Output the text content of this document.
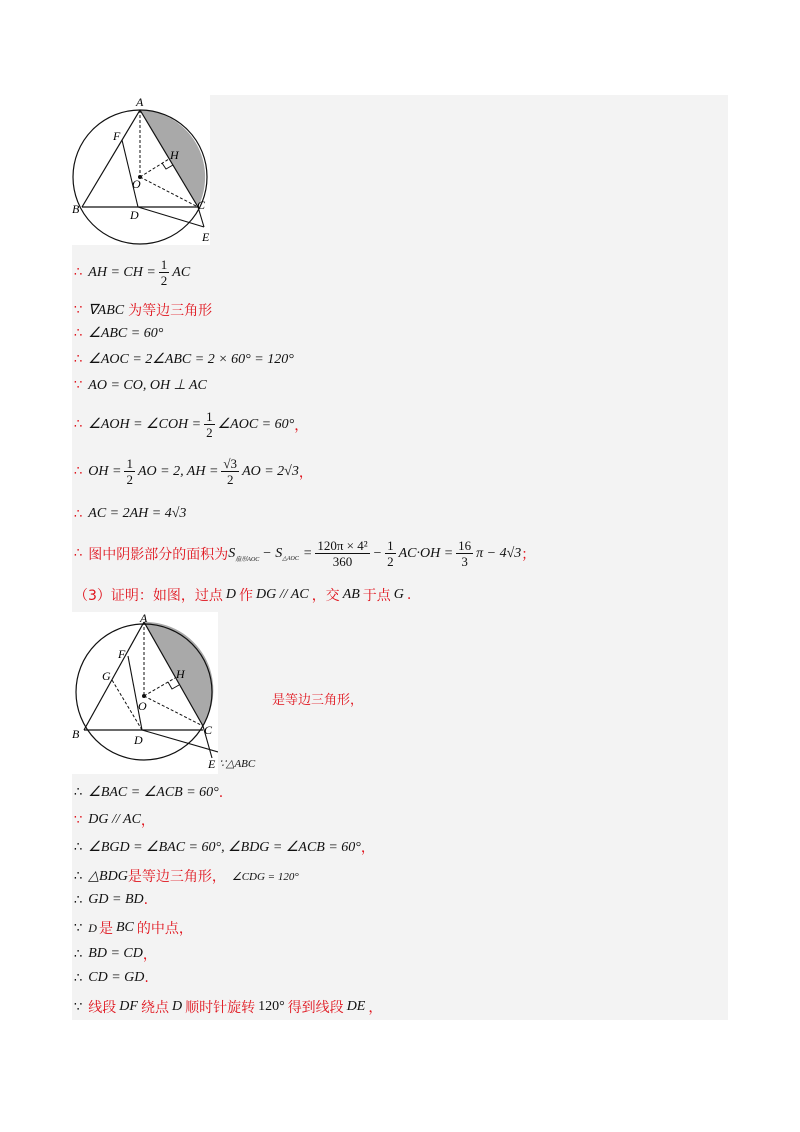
A
F
H
O
B	D
C
E
∴ AH = CH = $\frac{1}{2}$ AC
∵ ∇ABC 为等边三角形
∴ ∠ABC = 60°
∴ ∠AOC = 2∠ABC = 2 × 60° = 120°
∵ AO = CO, OH ⊥ AC
∴ ∠AOH = ∠COH = $\frac{1}{2}$ ∠AOC = 60° ，
∴ OH = $\frac{1}{2}$ AO = 2, AH = $\frac{√3}{2}$ AO = 2√3 ，
∴ AC = 2AH = 4√3
∴ 图中阴影部分的面积为 S 扇形AOC − S △AOC = $\frac{\text{120π × 4²}}{360} - \frac{1}{2} AC\cdot OH = \frac{16}{3}$ π − 4√3 ；
（3）证明：如图，过点 D 作 DG // AC ，交 AB 于点 G .
A
F
G	H
O
B	D
C
E ∵△ABC
是等边三角形，
∴ ∠BAC = ∠ACB = 60° .
∵ DG // AC ，
∴ ∠BGD = ∠BAC = 60°, ∠BDG = ∠ACB = 60° ，
∴ △BDG 是等边三角形， ∠CDG = 120°
∴ GD = BD .
∵ D 是 BC 的中点，
∴ BD = CD ，
∴ CD = GD .
∵ 线段 DF 绕点 D 顺时针旋转 120° 得到线段 DE ，
